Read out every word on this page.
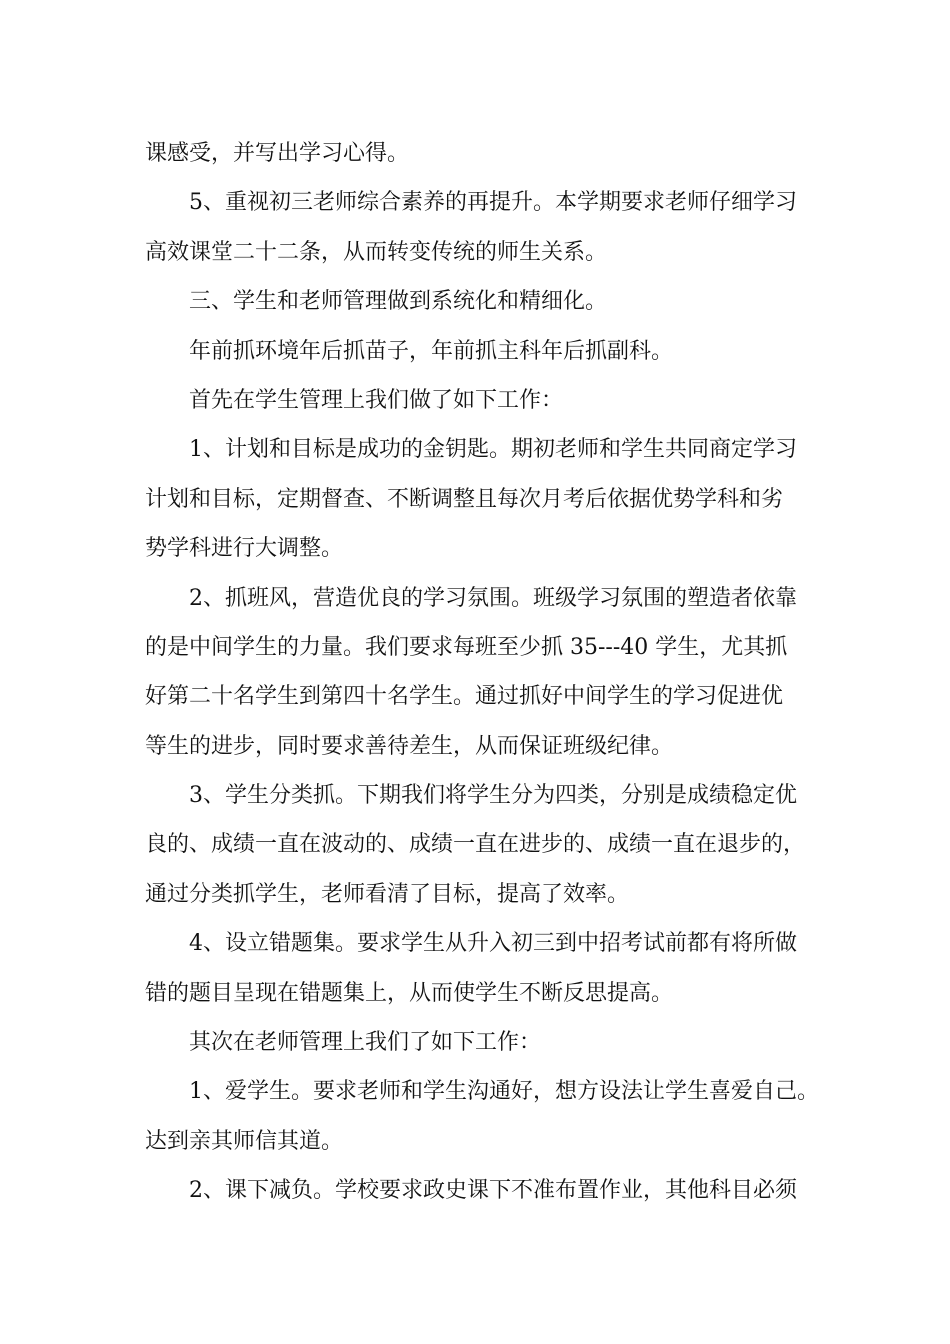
课感受，并写出学习心得。
5、重视初三老师综合素养的再提升。本学期要求老师仔细学习
高效课堂二十二条，从而转变传统的师生关系。
三、学生和老师管理做到系统化和精细化。
年前抓环境年后抓苗子，年前抓主科年后抓副科。
首先在学生管理上我们做了如下工作：
1、计划和目标是成功的金钥匙。期初老师和学生共同商定学习
计划和目标，定期督查、不断调整且每次月考后依据优势学科和劣
势学科进行大调整。
2、抓班风，营造优良的学习氛围。班级学习氛围的塑造者依靠
的是中间学生的力量。我们要求每班至少抓 35---40 学生，尤其抓
好第二十名学生到第四十名学生。通过抓好中间学生的学习促进优
等生的进步，同时要求善待差生，从而保证班级纪律。
3、学生分类抓。下期我们将学生分为四类，分别是成绩稳定优
良的、成绩一直在波动的、成绩一直在进步的、成绩一直在退步的，
通过分类抓学生，老师看清了目标，提高了效率。
4、设立错题集。要求学生从升入初三到中招考试前都有将所做
错的题目呈现在错题集上，从而使学生不断反思提高。
其次在老师管理上我们了如下工作：
1、爱学生。要求老师和学生沟通好，想方设法让学生喜爱自己。
达到亲其师信其道。
2、课下减负。学校要求政史课下不准布置作业，其他科目必须
